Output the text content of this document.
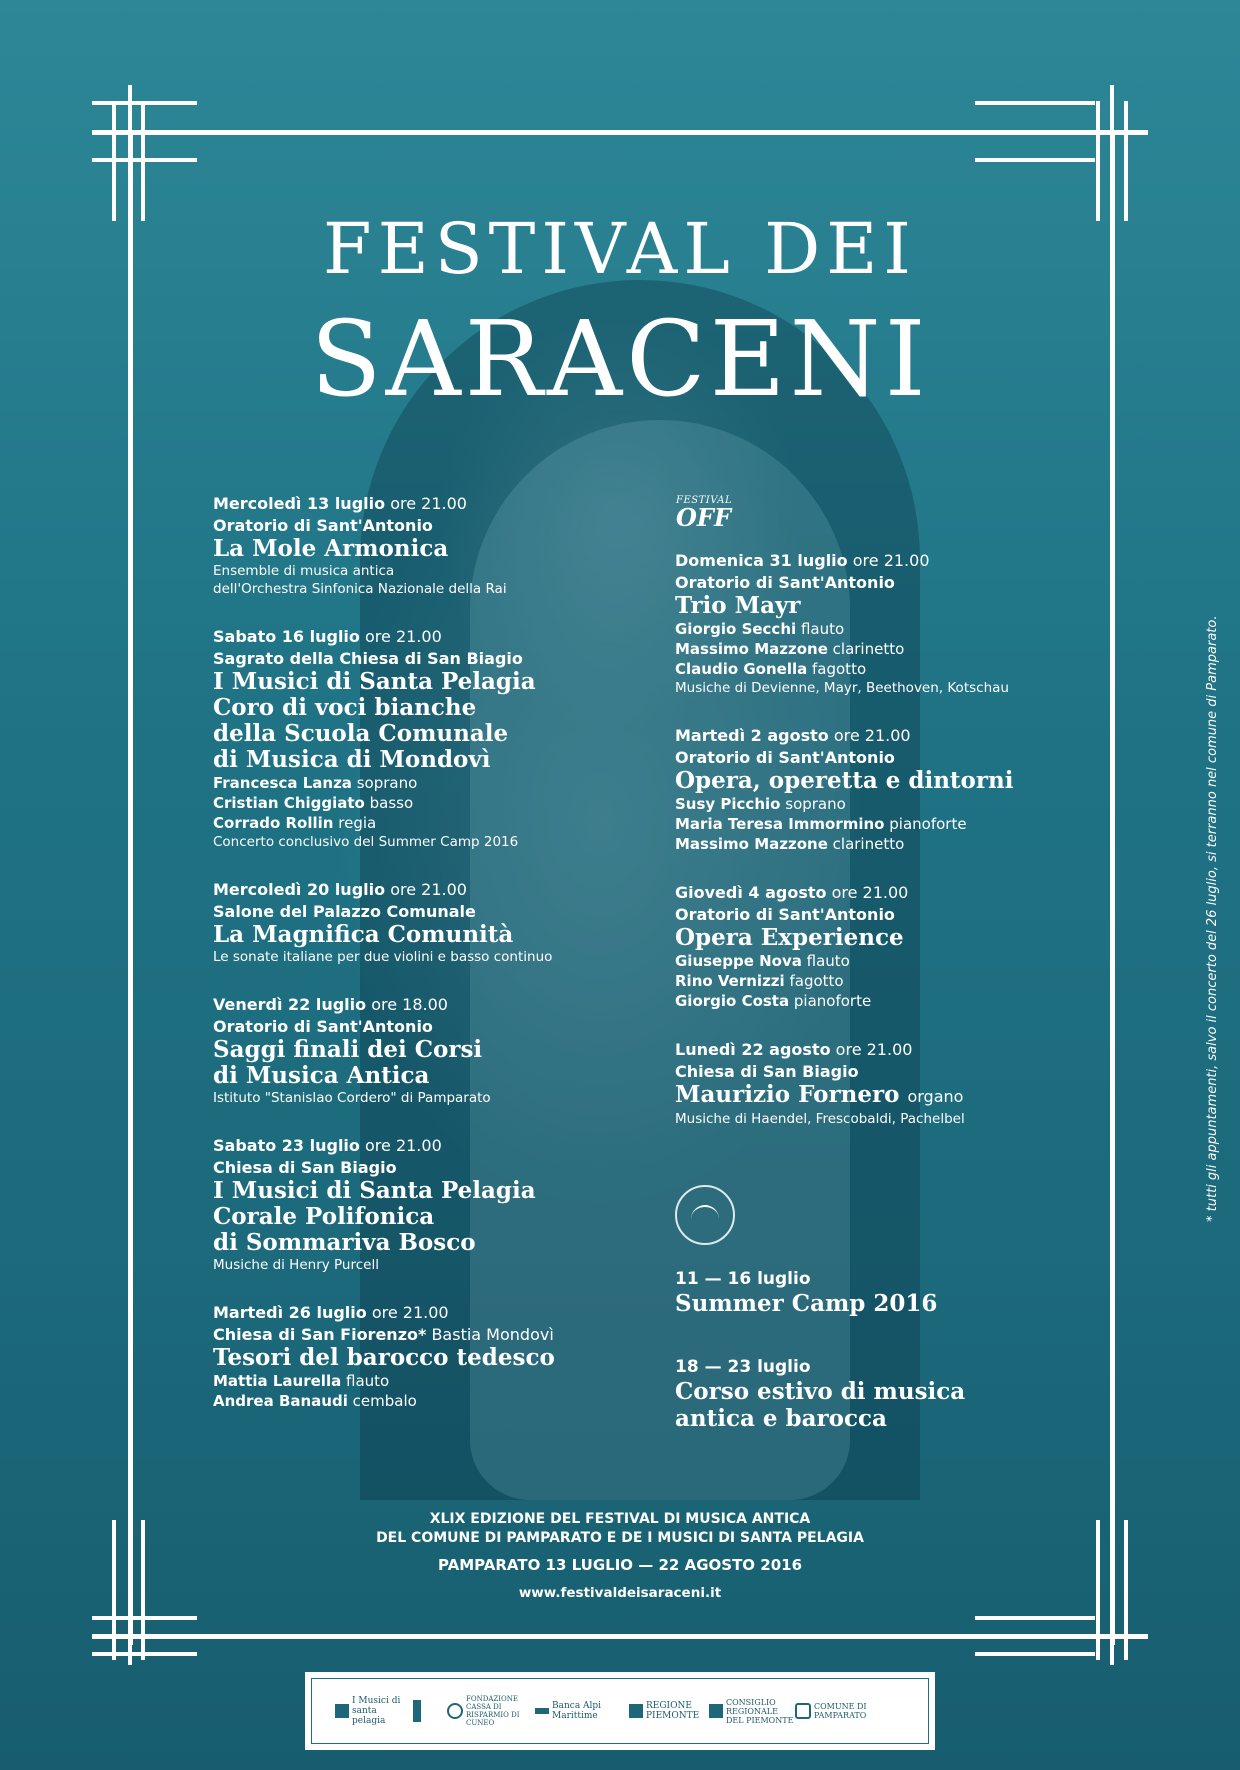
FESTIVAL DEI
SARACENI
FESTIVAL
OFF
Mercoledì 13 luglio ore 21.00
Oratorio di Sant'Antonio
La Mole Armonica
Ensemble di musica antica
dell'Orchestra Sinfonica Nazionale della Rai
Sabato 16 luglio ore 21.00
Sagrato della Chiesa di San Biagio
I Musici di Santa Pelagia
Coro di voci bianche
della Scuola Comunale
di Musica di Mondovì
Francesca Lanza soprano
Cristian Chiggiato basso
Corrado Rollin regia
Concerto conclusivo del Summer Camp 2016
Mercoledì 20 luglio ore 21.00
Salone del Palazzo Comunale
La Magnifica Comunità
Le sonate italiane per due violini e basso continuo
Venerdì 22 luglio ore 18.00
Oratorio di Sant'Antonio
Saggi finali dei Corsi
di Musica Antica
Istituto "Stanislao Cordero" di Pamparato
Sabato 23 luglio ore 21.00
Chiesa di San Biagio
I Musici di Santa Pelagia
Corale Polifonica
di Sommariva Bosco
Musiche di Henry Purcell
Martedì 26 luglio ore 21.00
Chiesa di San Fiorenzo* Bastia Mondovì
Tesori del barocco tedesco
Mattia Laurella flauto
Andrea Banaudi cembalo
Domenica 31 luglio ore 21.00
Oratorio di Sant'Antonio
Trio Mayr
Giorgio Secchi flauto
Massimo Mazzone clarinetto
Claudio Gonella fagotto
Musiche di Devienne, Mayr, Beethoven, Kotschau
Martedì 2 agosto ore 21.00
Oratorio di Sant'Antonio
Opera, operetta e dintorni
Susy Picchio soprano
Maria Teresa Immormino pianoforte
Massimo Mazzone clarinetto
Giovedì 4 agosto ore 21.00
Oratorio di Sant'Antonio
Opera Experience
Giuseppe Nova flauto
Rino Vernizzi fagotto
Giorgio Costa pianoforte
Lunedì 22 agosto ore 21.00
Chiesa di San Biagio
Maurizio Fornero organo
Musiche di Haendel, Frescobaldi, Pachelbel
11 — 16 luglio
Summer Camp 2016
18 — 23 luglio
Corso estivo di musica
antica e barocca
* tutti gli appuntamenti, salvo il concerto del 26 luglio, si terranno nel comune di Pamparato.
XLIX EDIZIONE DEL FESTIVAL DI MUSICA ANTICA
DEL COMUNE DI PAMPARATO E DE I MUSICI DI SANTA PELAGIA
PAMPARATO 13 LUGLIO — 22 AGOSTO 2016
www.festivaldeisaraceni.it
I Musici di santa pelagia
FONDAZIONE CASSA DI RISPARMIO DI CUNEO
Banca Alpi Marittime
REGIONE PIEMONTE
CONSIGLIO REGIONALE DEL PIEMONTE
COMUNE DI PAMPARATO
